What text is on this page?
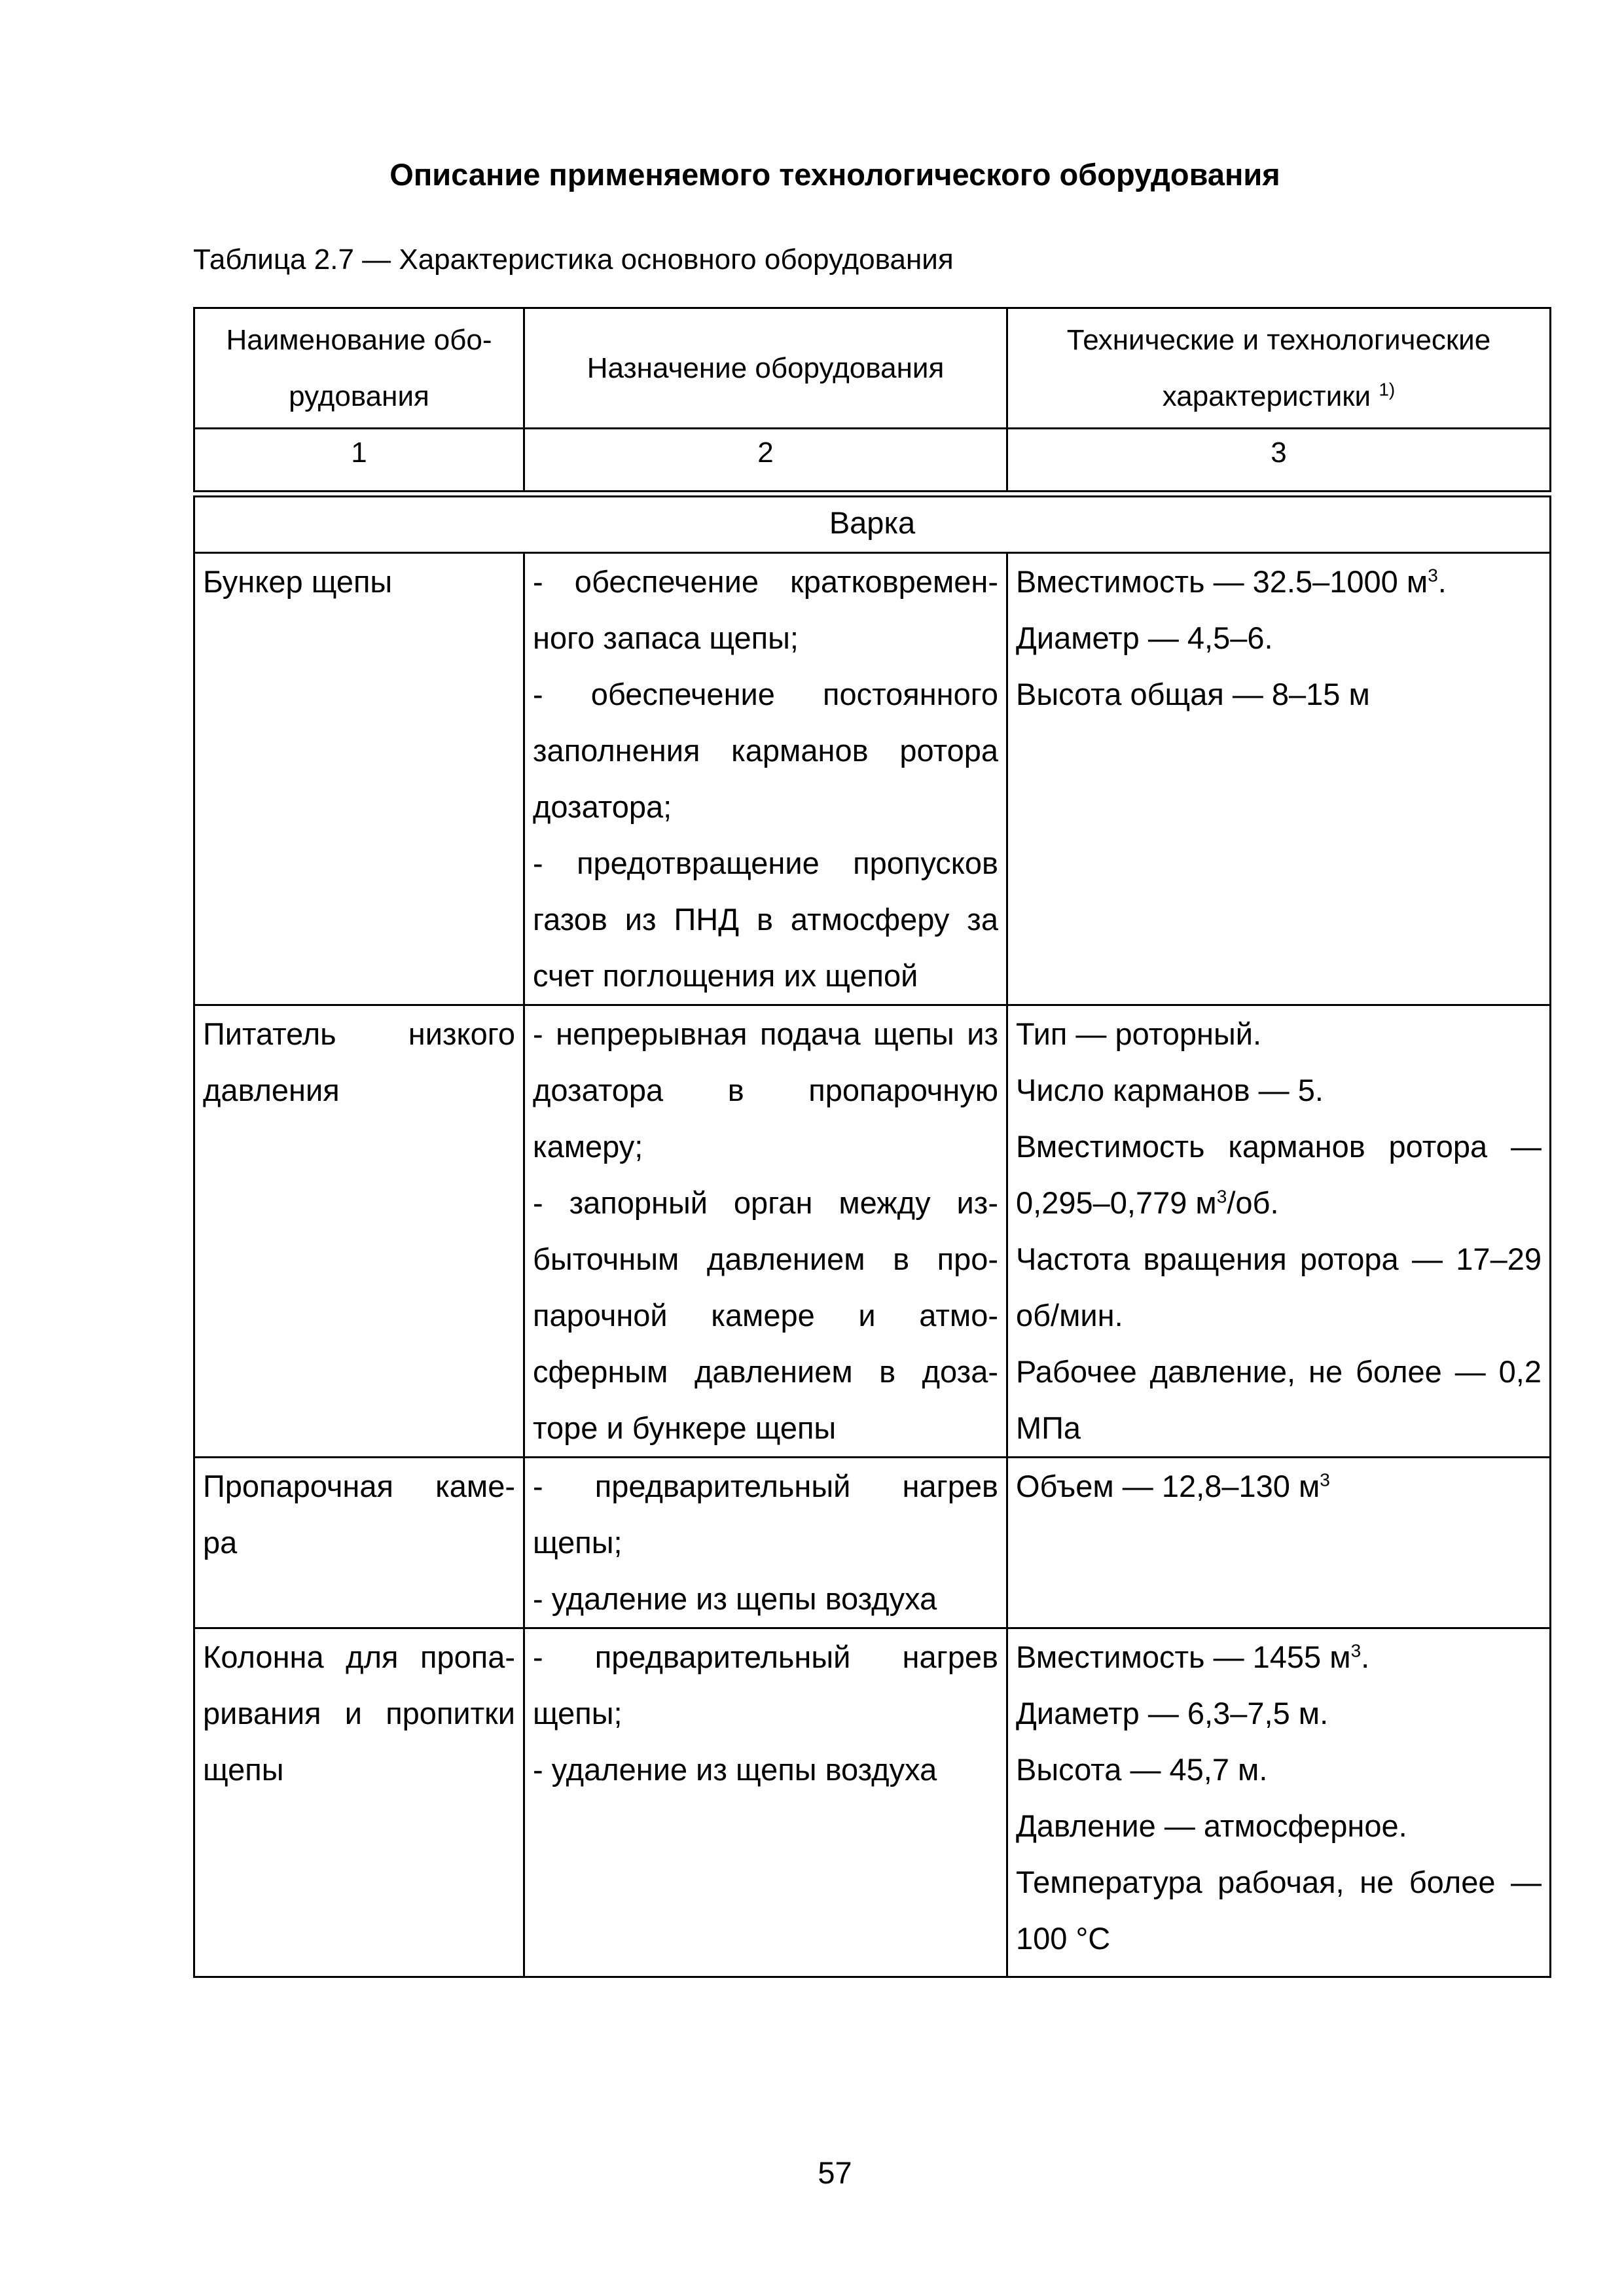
Описание применяемого технологического оборудования
Таблица 2.7 — Характеристика основного оборудования
Наименование обо-рудования	Назначение оборудования	Технические и технологические характеристики $^{1)}$
1	2	3

Варка		
Бункер щепы	- обеспечение кратковремен-ного запаса щепы;
- обеспечение постоянного заполнения карманов ротора дозатора;
- предотвращение пропусков газов из ПНД в атмосферу за счет поглощения их щепой	Вместимость — 32.5–1000 $м^3$.
Диаметр — 4,5–6.
Высота общая — 8–15 м

Питатель низкого давления	- непрерывная подача щепы из дозатора в пропарочную камеру;
- запорный орган между из-быточным давлением в про-парочной камере и атмо-сферным давлением в доза-торе и бункере щепы	Тип — роторный.
Число карманов — 5.
Вместимость карманов ротора — 0,295–0,779 $м^3/об$.
Частота вращения ротора — 17–29 об/мин.
Рабочее давление, не более — 0,2 МПа

Пропарочная каме-ра	- предварительный нагрев щепы;
- удаление из щепы воздуха	Объем — 12,8–130 $м^3$

Колонна для пропа-ривания и пропитки щепы	- предварительный нагрев щепы;
- удаление из щепы воздуха	Вместимость — 1455 $м^3$.
Диаметр — 6,3–7,5 м.
Высота — 45,7 м.
Давление — атмосферное.
Температура рабочая, не более — 100 °С
57
